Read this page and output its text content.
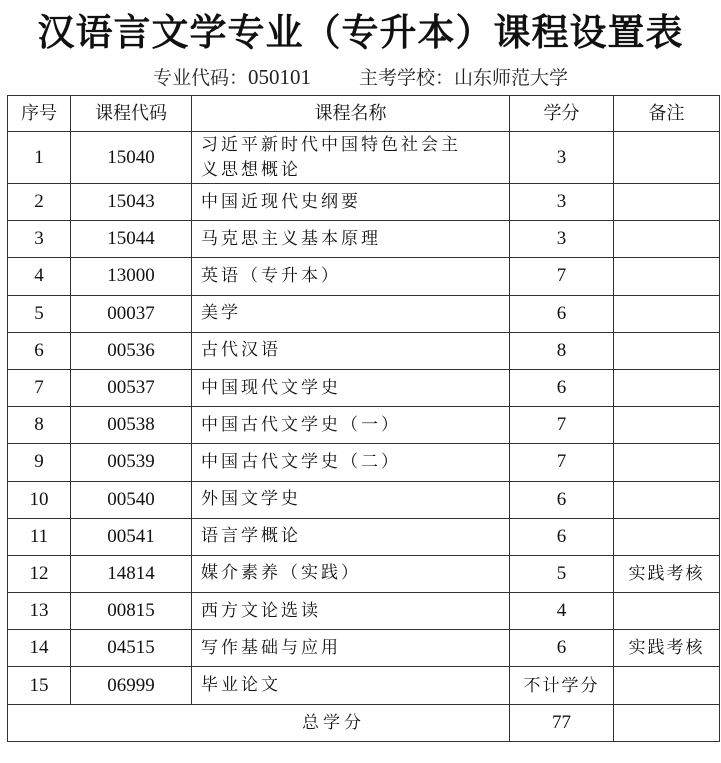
汉语言文学专业（专升本）课程设置表
专业代码：050101	主考学校：山东师范大学
序号	课程代码	课程名称	学分	备注
1	15040	习近平新时代中国特色社会主义思想概论	3	
2	15043	中国近现代史纲要	3	
3	15044	马克思主义基本原理	3	
4	13000	英语（专升本）	7	
5	00037	美学	6	
6	00536	古代汉语	8	
7	00537	中国现代文学史	6	
8	00538	中国古代文学史（一）	7	
9	00539	中国古代文学史（二）	7	
10	00540	外国文学史	6	
11	00541	语言学概论	6	
12	14814	媒介素养（实践）	5	实践考核
13	00815	西方文论选读	4	
14	04515	写作基础与应用	6	实践考核
15	06999	毕业论文	不计学分	
总学分			77	
